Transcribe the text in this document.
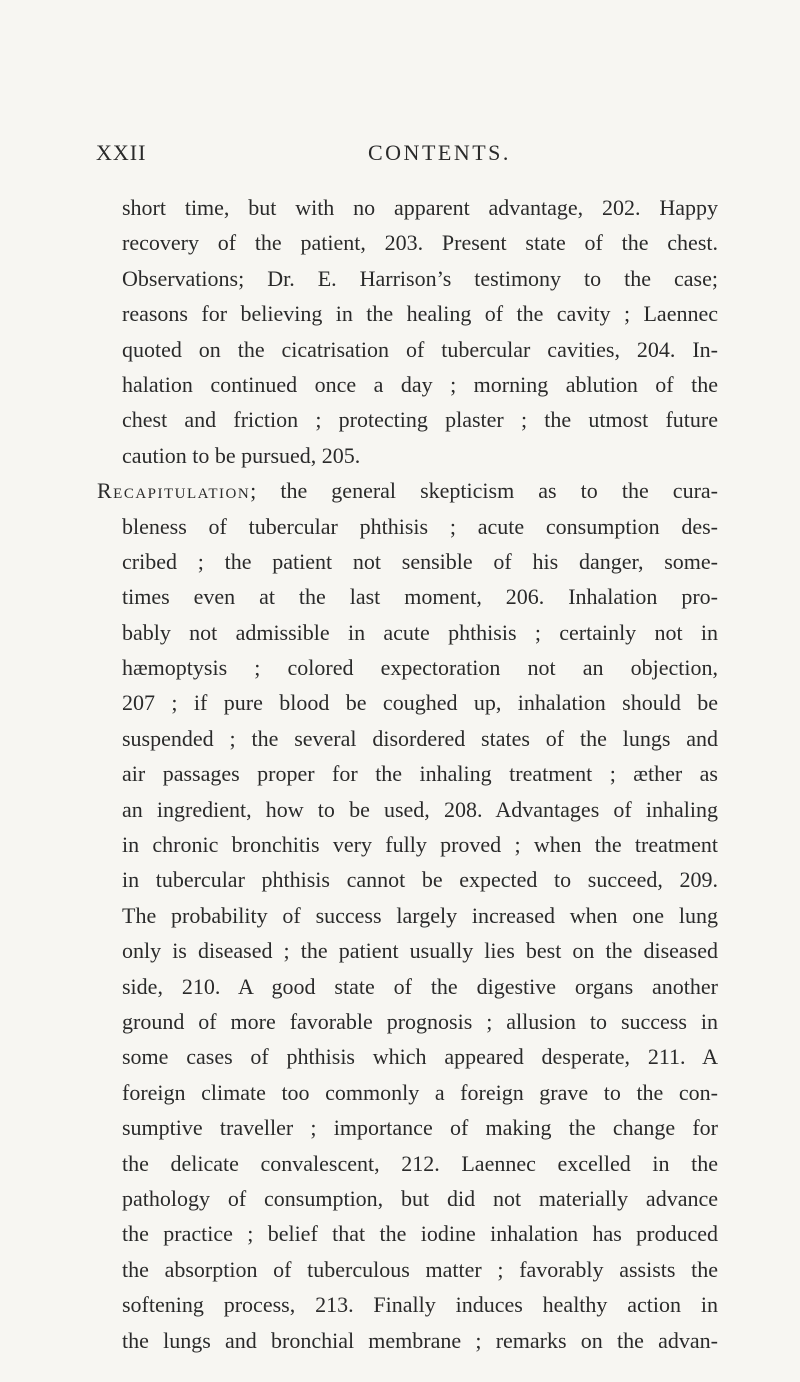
XXII	CONTENTS.
short time, but with no apparent advantage, 202. Happy
recovery of the patient, 203. Present state of the chest.
Observations; Dr. E. Harrison’s testimony to the case;
reasons for believing in the healing of the cavity ; Laennec
quoted on the cicatrisation of tubercular cavities, 204. In-
halation continued once a day ; morning ablution of the
chest and friction ; protecting plaster ; the utmost future
caution to be pursued, 205.
Recapitulation; the general skepticism as to the cura-
bleness of tubercular phthisis ; acute consumption des-
cribed ; the patient not sensible of his danger, some-
times even at the last moment, 206. Inhalation pro-
bably not admissible in acute phthisis ; certainly not in
hæmoptysis ; colored expectoration not an objection,
207 ; if pure blood be coughed up, inhalation should be
suspended ; the several disordered states of the lungs and
air passages proper for the inhaling treatment ; æther as
an ingredient, how to be used, 208. Advantages of inhaling
in chronic bronchitis very fully proved ; when the treatment
in tubercular phthisis cannot be expected to succeed, 209.
The probability of success largely increased when one lung
only is diseased ; the patient usually lies best on the diseased
side, 210. A good state of the digestive organs another
ground of more favorable prognosis ; allusion to success in
some cases of phthisis which appeared desperate, 211. A
foreign climate too commonly a foreign grave to the con-
sumptive traveller ; importance of making the change for
the delicate convalescent, 212. Laennec excelled in the
pathology of consumption, but did not materially advance
the practice ; belief that the iodine inhalation has produced
the absorption of tuberculous matter ; favorably assists the
softening process, 213. Finally induces healthy action in
the lungs and bronchial membrane ; remarks on the advan-
